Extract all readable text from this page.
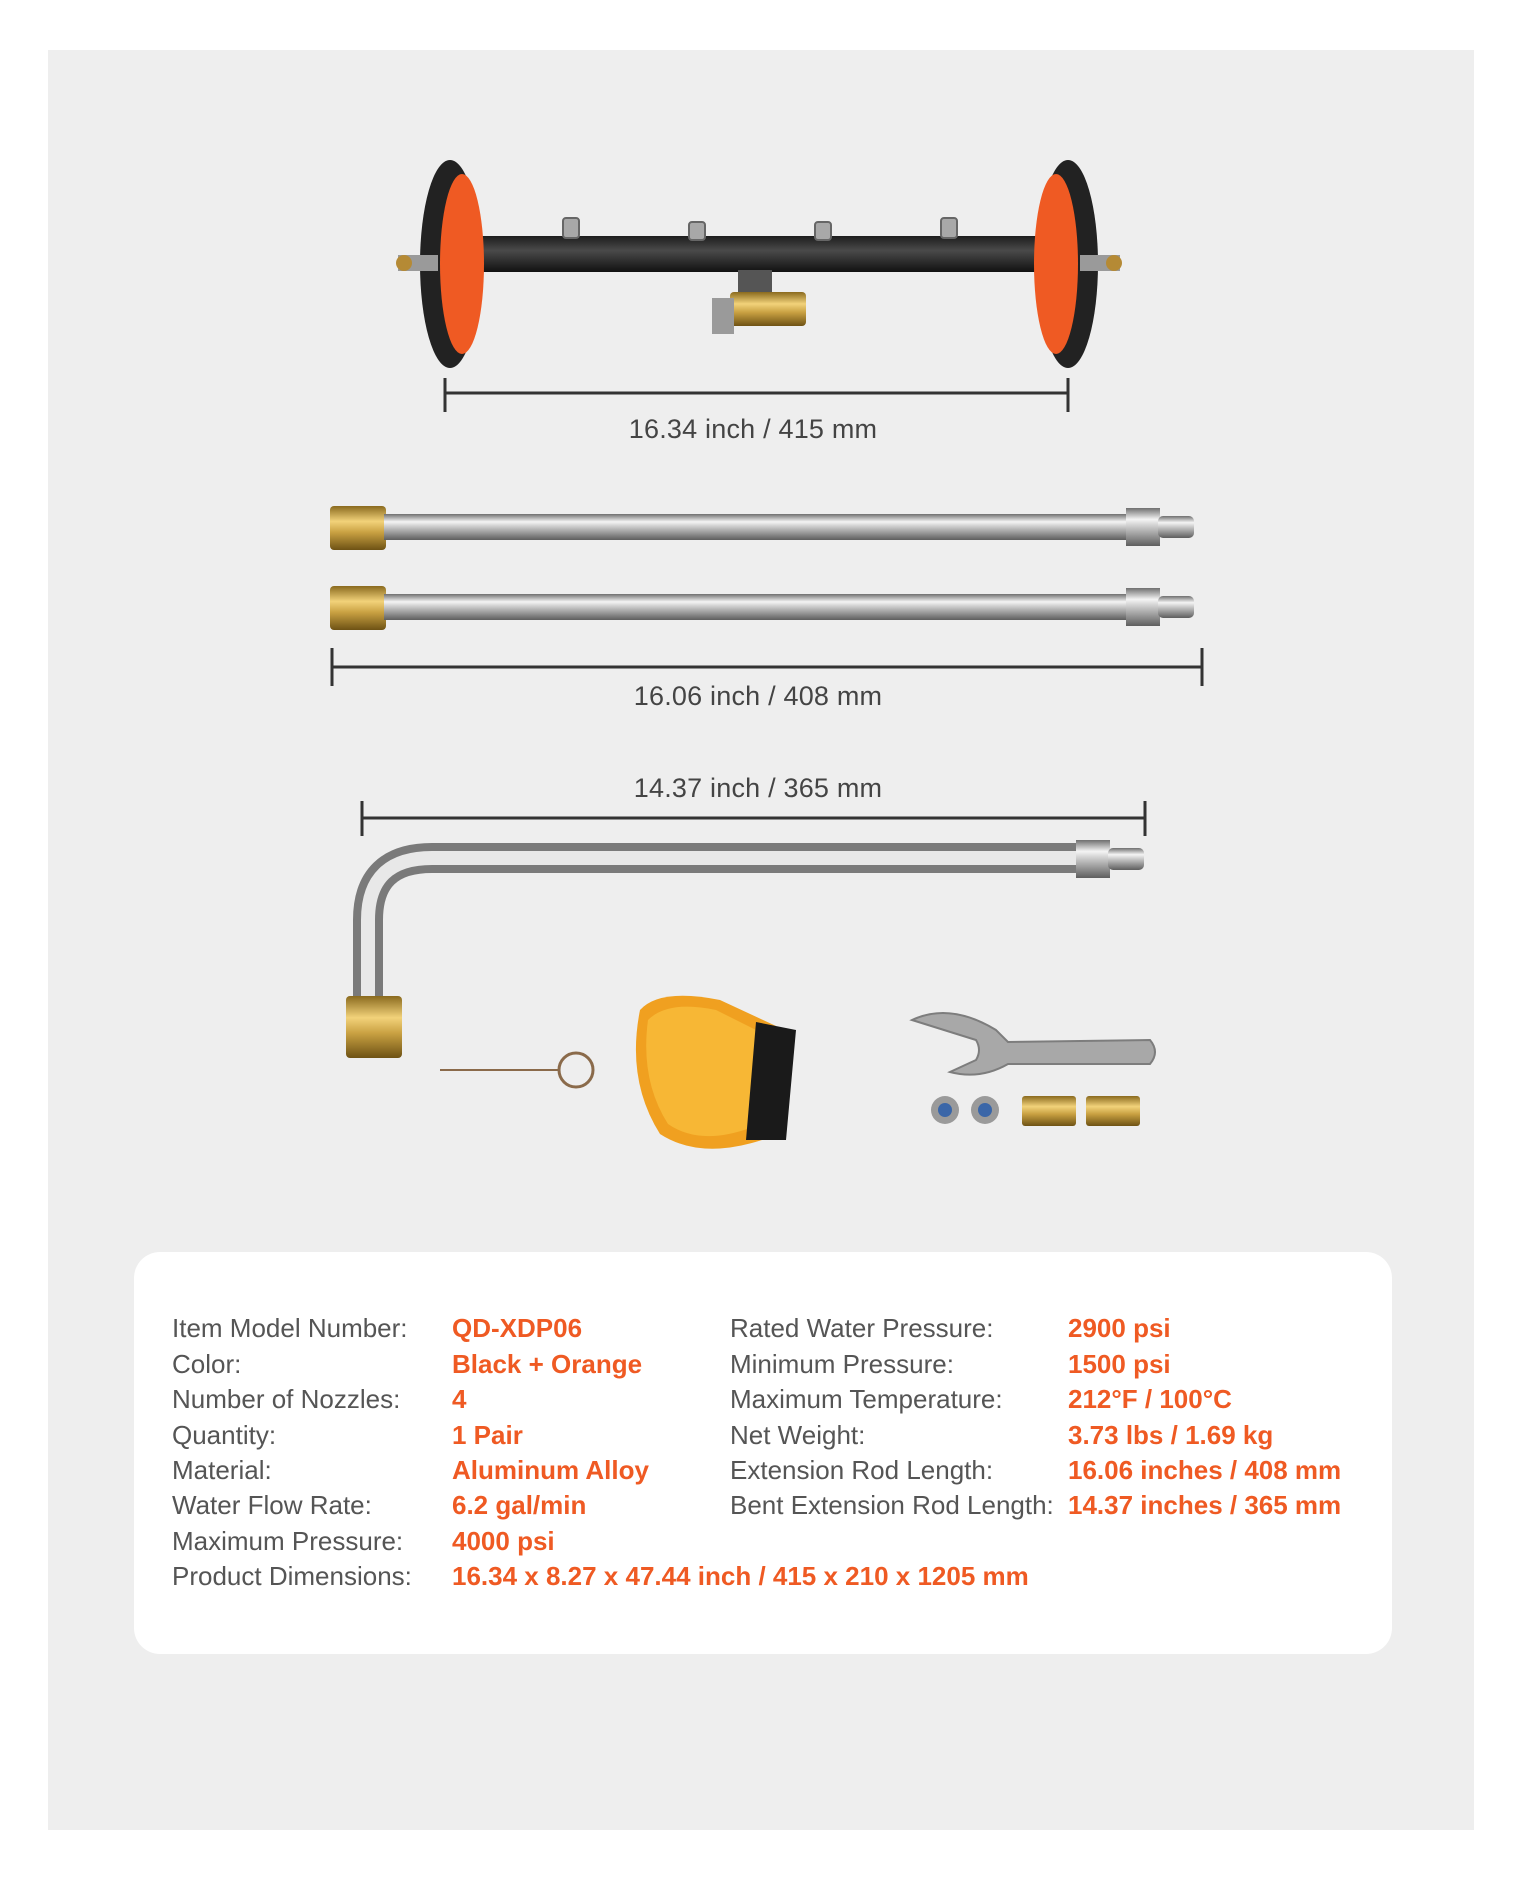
16.34 inch / 415 mm
16.06 inch / 408 mm
14.37 inch / 365 mm
Item Model Number: QD-XDP06
Color:	Black + Orange
Number of Nozzles: 4
Quantity:	1 Pair
Material:	Aluminum Alloy
Water Flow Rate:	6.2 gal/min
Maximum Pressure: 4000 psi
Product Dimensions: 16.34 x 8.27 x 47.44 inch / 415 x 210 x 1205 mm
Rated Water Pressure:	2900 psi
Minimum Pressure:	1500 psi
Maximum Temperature:	212°F / 100°C
Net Weight:	3.73 lbs / 1.69 kg
Extension Rod Length:	16.06 inches / 408 mm
Bent Extension Rod Length: 14.37 inches / 365 mm
